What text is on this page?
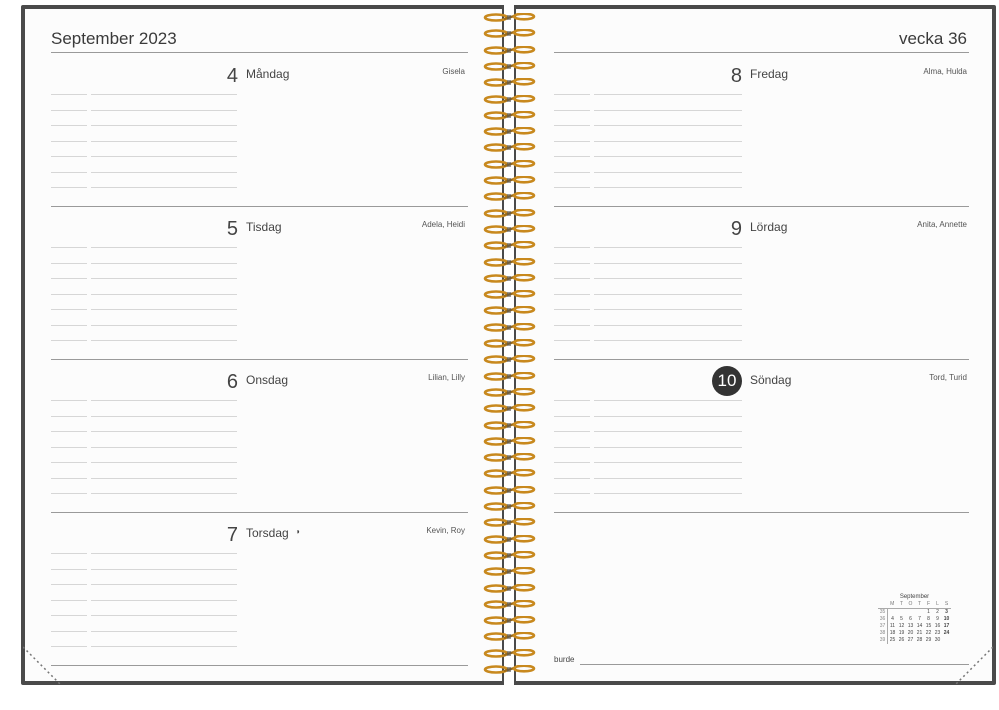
September 2023
4 Måndag	Gisela
5 Tisdag	Adela, Heidi
6 Onsdag	Lilian, Lilly
7 Torsdag ◑	Kevin, Roy
vecka 36
8 Fredag	Alma, Hulda
9 Lördag	Anita, Annette
10	Söndag	Tord, Turid
burde
September
	M	T	O	T	F	L	S
35					1	2	3
36	4	5	6	7	8	9	10
37	11	12	13	14	15	16	17
38	18	19	20	21	22	23	24
39	25	26	27	28	29	30	
